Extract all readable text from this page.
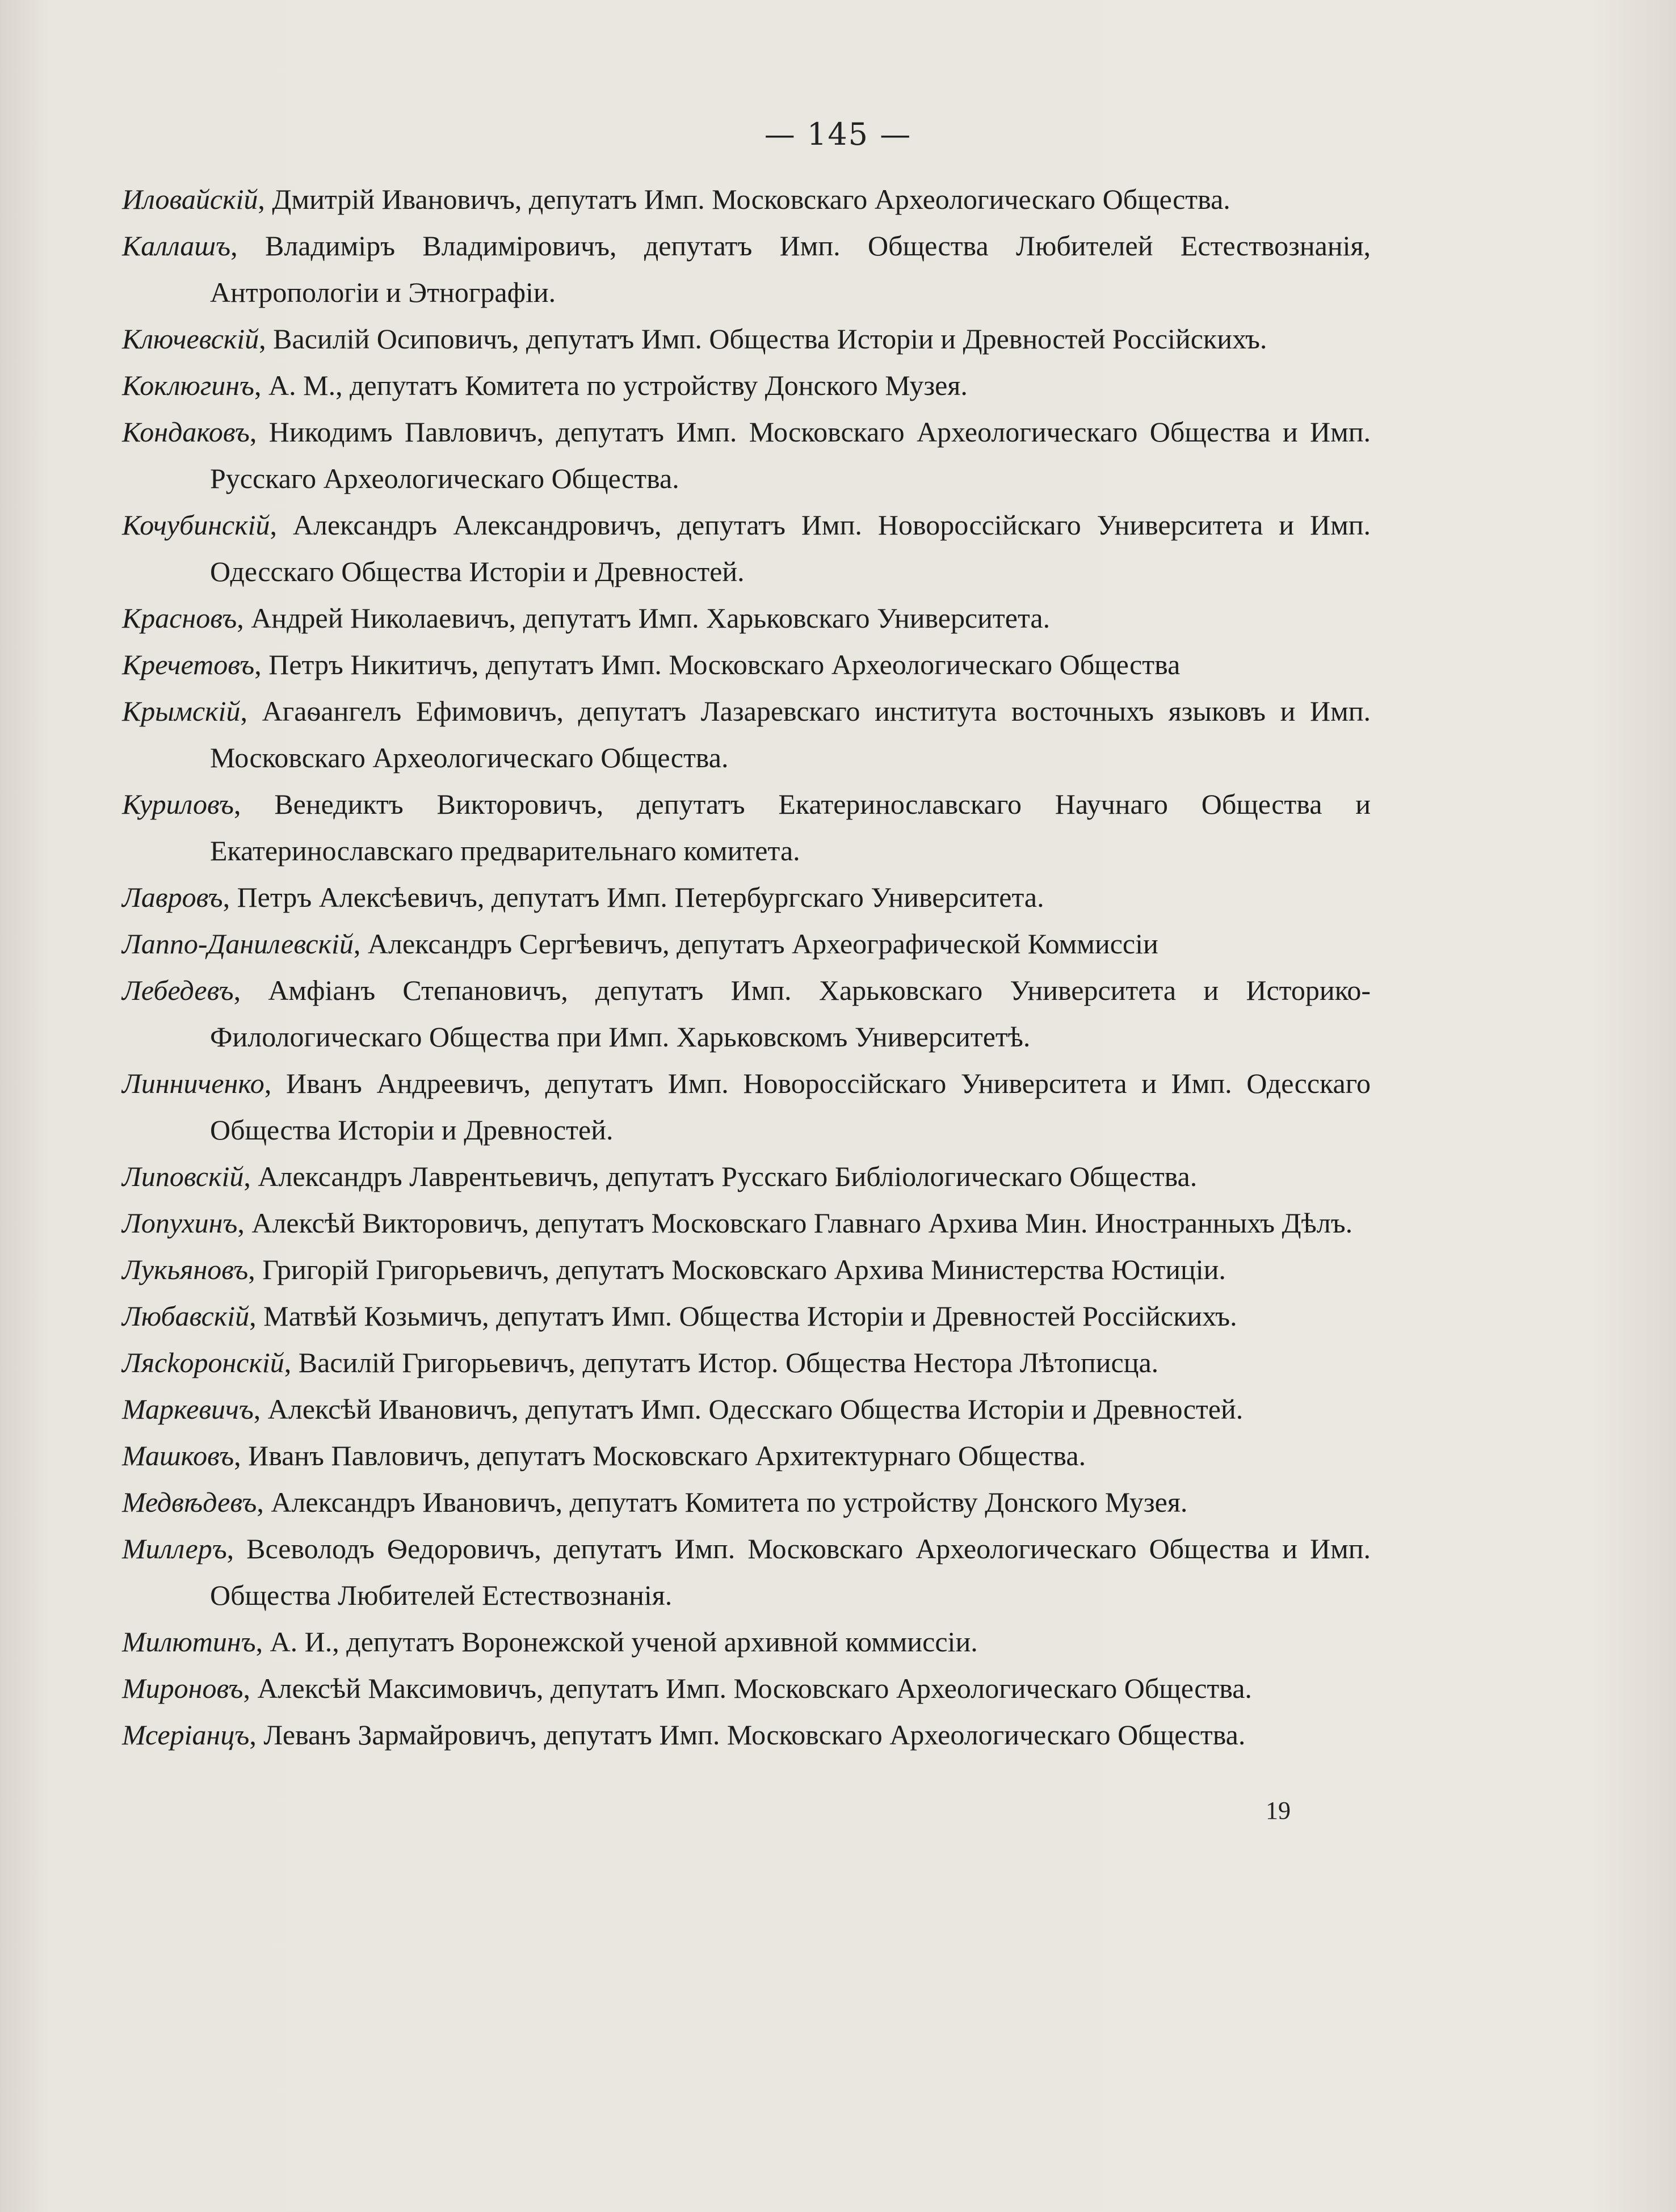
— 145 —

Иловайскій, Дмитрій Ивановичъ, депутатъ Имп. Московскаго Археологическаго Общества.

Каллашъ, Владиміръ Владиміровичъ, депутатъ Имп. Общества Любителей Естествознанія, Антропологіи и Этнографіи.

Ключевскій, Василій Осиповичъ, депутатъ Имп. Общества Исторіи и Древностей Россійскихъ.

Коклюгинъ, А. М., депутатъ Комитета по устройству Донского Музея.

Кондаковъ, Никодимъ Павловичъ, депутатъ Имп. Московскаго Археологическаго Общества и Имп. Русскаго Археологическаго Общества.

Кочубинскій, Александръ Александровичъ, депутатъ Имп. Новороссійскаго Университета и Имп. Одесскаго Общества Исторіи и Древностей.

Красновъ, Андрей Николаевичъ, депутатъ Имп. Харьковскаго Университета.

Кречетовъ, Петръ Никитичъ, депутатъ Имп. Московскаго Археологическаго Общества

Крымскій, Агаѳангелъ Ефимовичъ, депутатъ Лазаревскаго института восточныхъ языковъ и Имп. Московскаго Археологическаго Общества.

Куриловъ, Венедиктъ Викторовичъ, депутатъ Екатеринославскаго Научнаго Общества и Екатеринославскаго предварительнаго комитета.

Лавровъ, Петръ Алексѣевичъ, депутатъ Имп. Петербургскаго Университета.

Лаппо-Данилевскій, Александръ Сергѣевичъ, депутатъ Археографической Коммиссіи

Лебедевъ, Амфіанъ Степановичъ, депутатъ Имп. Харьковскаго Университета и Историко-Филологическаго Общества при Имп. Харьковскомъ Университетѣ.

Линниченко, Иванъ Андреевичъ, депутатъ Имп. Новороссійскаго Университета и Имп. Одесскаго Общества Исторіи и Древностей.

Липовскій, Александръ Лаврентьевичъ, депутатъ Русскаго Библіологическаго Общества.

Лопухинъ, Алексѣй Викторовичъ, депутатъ Московскаго Главнаго Архива Мин. Иностранныхъ Дѣлъ.

Лукьяновъ, Григорій Григорьевичъ, депутатъ Московскаго Архива Министерства Юстиціи.

Любавскій, Матвѣй Козьмичъ, депутатъ Имп. Общества Исторіи и Древностей Россійскихъ.

Лясkоронскій, Василій Григорьевичъ, депутатъ Истор. Общества Нестора Лѣтописца.

Маркевичъ, Алексѣй Ивановичъ, депутатъ Имп. Одесскаго Общества Исторіи и Древностей.

Машковъ, Иванъ Павловичъ, депутатъ Московскаго Архитектурнаго Общества.

Медвѣдевъ, Александръ Ивановичъ, депутатъ Комитета по устройству Донского Музея.

Миллеръ, Всеволодъ Ѳедоровичъ, депутатъ Имп. Московскаго Археологическаго Общества и Имп. Общества Любителей Естествознанія.

Милютинъ, А. И., депутатъ Воронежской ученой архивной коммиссіи.

Мироновъ, Алексѣй Максимовичъ, депутатъ Имп. Московскаго Археологическаго Общества.

Мсеріанцъ, Леванъ Зармайровичъ, депутатъ Имп. Московскаго Археологическаго Общества.

19
